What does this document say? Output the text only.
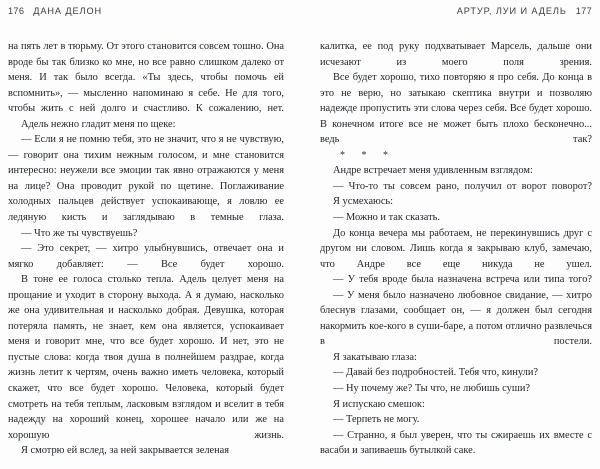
176 ДАНА ДЕЛОН

на пять лет в тюрьму. От этого становится совсем тошно. Она вроде бы так близко ко мне, но все равно слишком далеко от меня. И так было всегда. «Ты здесь, чтобы помочь ей вспомнить», — мысленно напоминаю я себе. Не для того, чтобы жить с ней долго и счастливо. К сожалению, нет.

Адель нежно гладит меня по щеке:

— Если я не помню тебя, это не значит, что я не чувствую, — говорит она тихим нежным голосом, и мне становится интересно: неужели все эмоции так явно отражаются у меня на лице? Она проводит рукой по щетине. Поглаживание холодных пальцев действует успокаивающе, я ловлю ее ледяную кисть и заглядываю в темные глаза.

— Что же ты чувствуешь?

— Это секрет, — хитро улыбнувшись, отвечает она и мягко добавляет: — Все будет хорошо.

В тоне ее голоса столько тепла. Адель целует меня на прощание и уходит в сторону выхода. А я думаю, насколько же она удивительная и насколько добрая. Девушка, которая потеряла память, не знает, кем она является, успокаивает меня и говорит мне, что все будет хорошо. И нет, это не пустые слова: когда твоя душа в полнейшем раздрае, когда жизнь летит к чертям, очень важно иметь человека, который скажет, что все будет хорошо. Человека, который будет смотреть на тебя теплым, ласковым взглядом и вселит в тебя надежду на хороший конец, хорошее начало или же на хорошую жизнь.

Я смотрю ей вслед, за ней закрывается зеленая

АРТУР, ЛУИ И АДЕЛЬ 177

калитка, ее под руку подхватывает Марсель, дальше они исчезают из моего поля зрения.

Все будет хорошо, тихо повторяю я про себя. До конца в это не верю, но затыкаю скептика внутри и позволяю надежде пропустить эти слова через себя. Все будет хорошо. В конечном итоге все не может быть плохо бесконечно... ведь так?

* * *

Андре встречает меня удивленным взглядом:

— Что-то ты совсем рано, получил от ворот поворот?

Я усмехаюсь:

— Можно и так сказать.

До конца вечера мы работаем, не перекинувшись друг с другом ни словом. Лишь когда я закрываю клуб, замечаю, что Андре все еще никуда не ушел.

— У тебя вроде была назначена встреча или типа того?

— У меня было назначено любовное свидание, — хитро блеснув глазами, сообщает он, — я должен был сегодня накормить кое-кого в суши-баре, а потом отлично развлечься в постели.

Я закатываю глаза:

— Давай без подробностей. Тебя что, кинули?

— Ну почему же? Ты что, не любишь суши?

Я испускаю смешок:

— Терпеть не могу.

— Странно, я был уверен, что ты сжираешь их вместе с васаби и запиваешь бутылкой саке.
